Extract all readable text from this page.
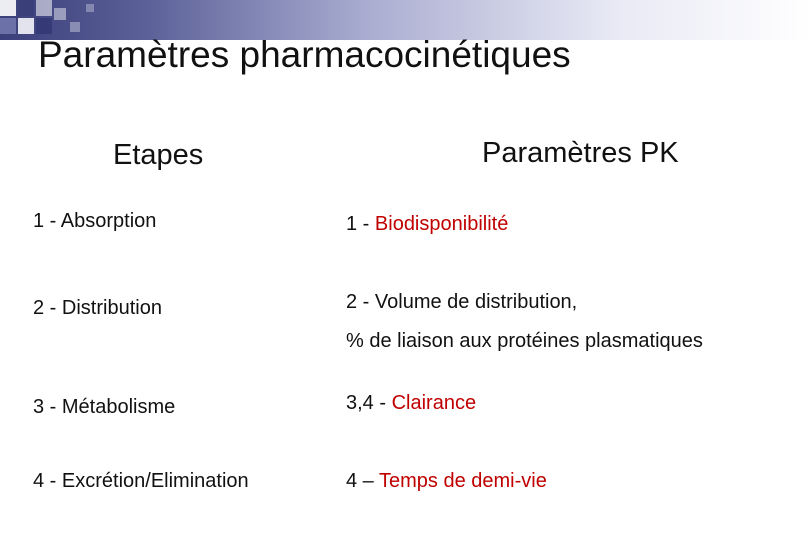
Paramètres pharmacocinétiques
Etapes	Paramètres PK
1 - Absorption	1 - Biodisponibilité
2 - Distribution	2 - Volume de distribution,
% de liaison aux protéines plasmatiques
3 - Métabolisme	3,4 - Clairance
4 - Excrétion/Elimination	4 – Temps de demi-vie
